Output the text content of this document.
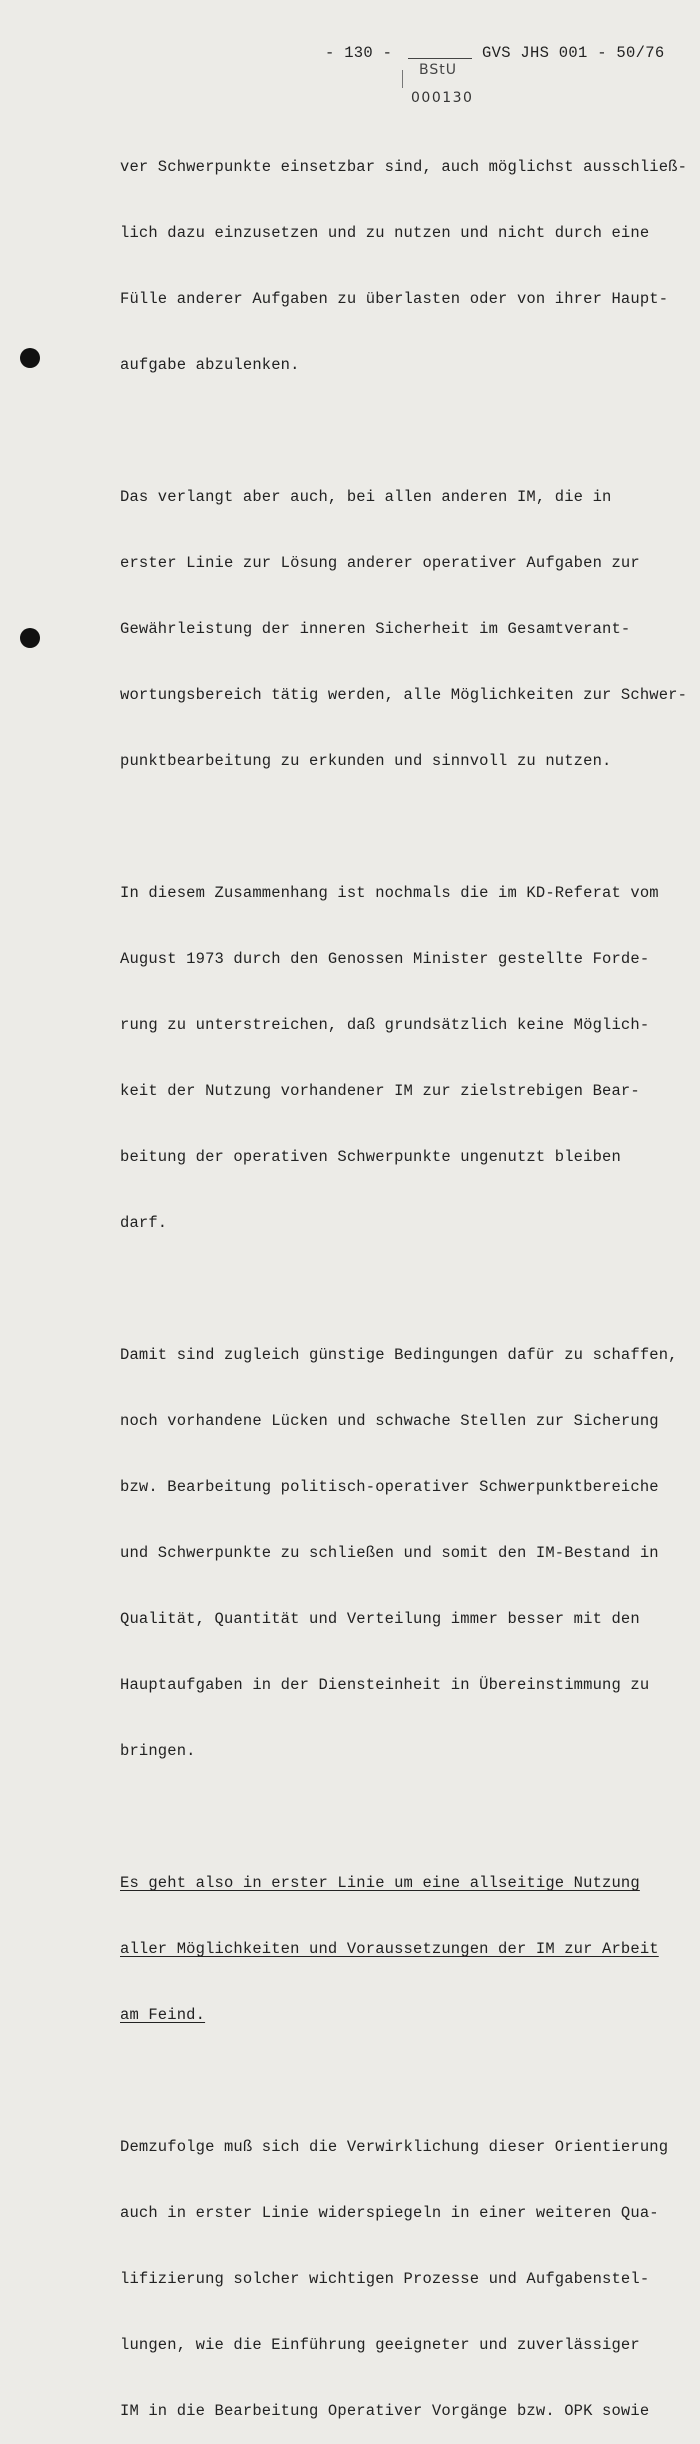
- 130 -	GVS JHS 001 - 50/76
BStU
000130

ver Schwerpunkte einsetzbar sind, auch möglichst ausschließ-

lich dazu einzusetzen und zu nutzen und nicht durch eine

Fülle anderer Aufgaben zu überlasten oder von ihrer Haupt-

aufgabe abzulenken.

Das verlangt aber auch, bei allen anderen IM, die in

erster Linie zur Lösung anderer operativer Aufgaben zur

Gewährleistung der inneren Sicherheit im Gesamtverant-

wortungsbereich tätig werden, alle Möglichkeiten zur Schwer-

punktbearbeitung zu erkunden und sinnvoll zu nutzen.

In diesem Zusammenhang ist nochmals die im KD-Referat vom

August 1973 durch den Genossen Minister gestellte Forde-

rung zu unterstreichen, daß grundsätzlich keine Möglich-

keit der Nutzung vorhandener IM zur zielstrebigen Bear-

beitung der operativen Schwerpunkte ungenutzt bleiben

darf.

Damit sind zugleich günstige Bedingungen dafür zu schaffen,

noch vorhandene Lücken und schwache Stellen zur Sicherung

bzw. Bearbeitung politisch-operativer Schwerpunktbereiche

und Schwerpunkte zu schließen und somit den IM-Bestand in

Qualität, Quantität und Verteilung immer besser mit den

Hauptaufgaben in der Diensteinheit in Übereinstimmung zu

bringen.

Es geht also in erster Linie um eine allseitige Nutzung

aller Möglichkeiten und Voraussetzungen der IM zur Arbeit

am Feind.

Demzufolge muß sich die Verwirklichung dieser Orientierung

auch in erster Linie widerspiegeln in einer weiteren Qua-

lifizierung solcher wichtigen Prozesse und Aufgabenstel-

lungen, wie die Einführung geeigneter und zuverlässiger

IM in die Bearbeitung Operativer Vorgänge bzw. OPK sowie
